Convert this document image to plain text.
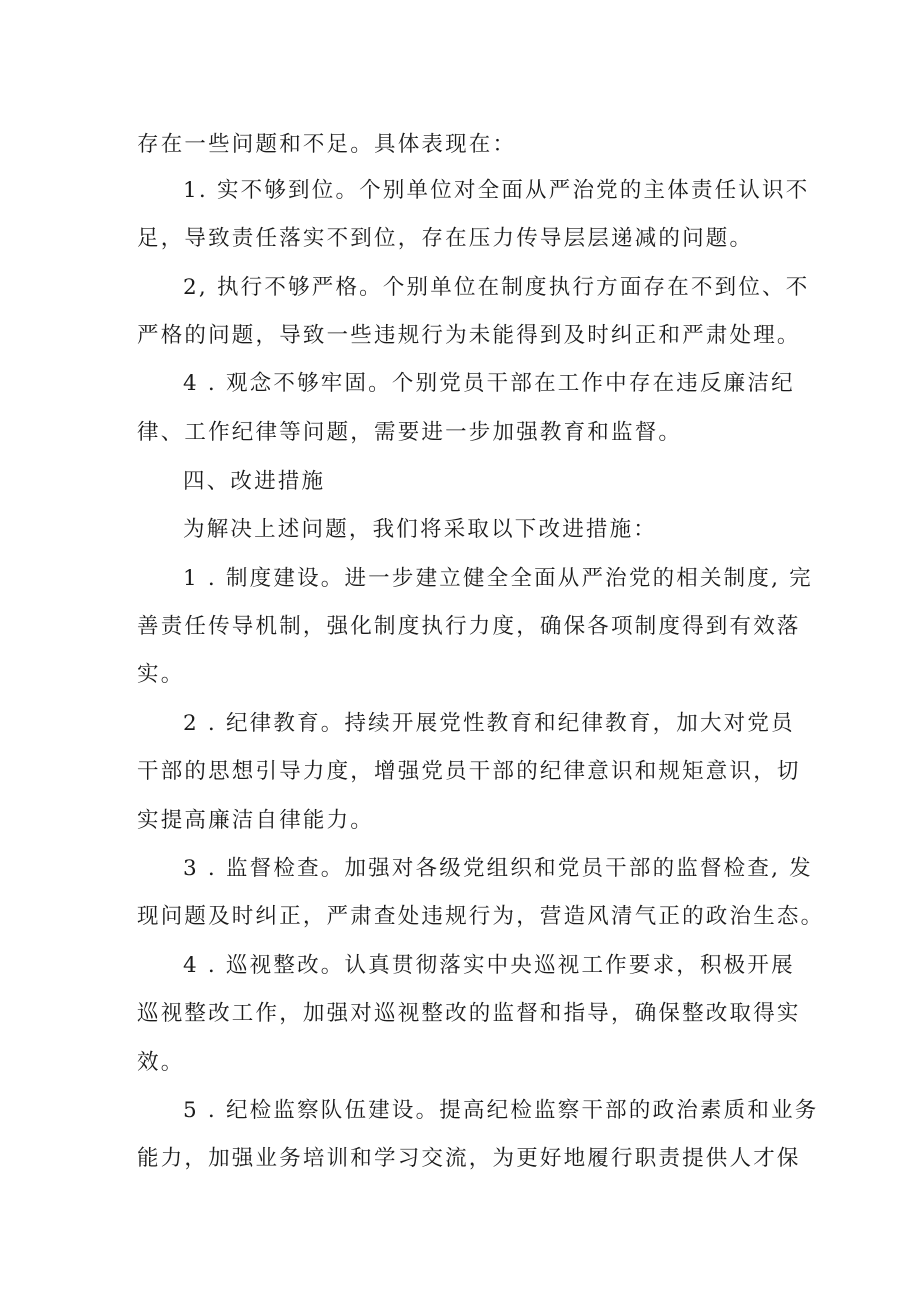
存在一些问题和不足。具体表现在：
1. 实不够到位。个别单位对全面从严治党的主体责任认识不
足，导致责任落实不到位，存在压力传导层层递减的问题。
2, 执行不够严格。个别单位在制度执行方面存在不到位、不
严格的问题，导致一些违规行为未能得到及时纠正和严肃处理。
4 . 观念不够牢固。个别党员干部在工作中存在违反廉洁纪
律、工作纪律等问题，需要进一步加强教育和监督。
四、改进措施
为解决上述问题，我们将采取以下改进措施：
1 . 制度建设。进一步建立健全全面从严治党的相关制度, 完
善责任传导机制，强化制度执行力度，确保各项制度得到有效落
实。
2 . 纪律教育。持续开展党性教育和纪律教育，加大对党员
干部的思想引导力度，增强党员干部的纪律意识和规矩意识，切
实提高廉洁自律能力。
3 . 监督检查。加强对各级党组织和党员干部的监督检查, 发
现问题及时纠正，严肃查处违规行为，营造风清气正的政治生态。
4 . 巡视整改。认真贯彻落实中央巡视工作要求，积极开展
巡视整改工作，加强对巡视整改的监督和指导，确保整改取得实
效。
5 . 纪检监察队伍建设。提高纪检监察干部的政治素质和业务
能力，加强业务培训和学习交流，为更好地履行职责提供人才保
